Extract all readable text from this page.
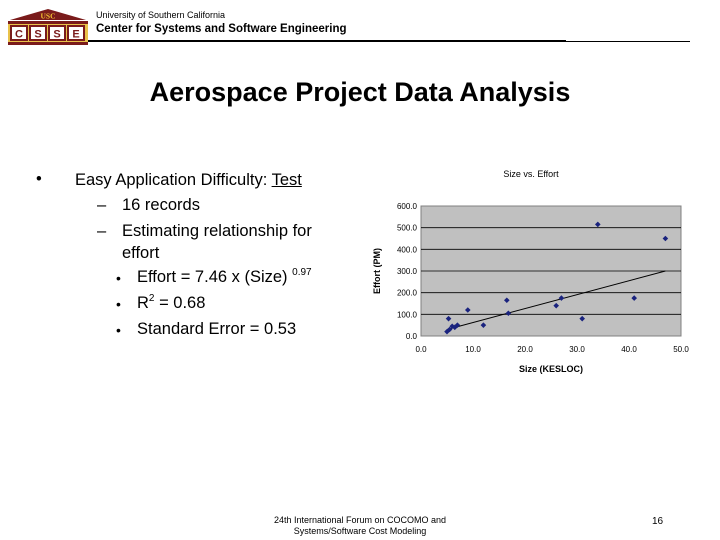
USC
C S S E
University of Southern California
Center for Systems and Software Engineering
Aerospace Project Data Analysis
• Easy Application Difficulty: Test
– 16 records
– Estimating relationship for
effort
• Effort = 7.46 x (Size) $^{0.97}$
• $R^2 = 0.68$
• Standard Error = 0.53
Size vs. Effort
0.0
100.0
200.0
300.0
400.0
500.0
600.0
0.0	10.0	20.0	30.0	40.0	50.0
Size (KESLOC)
Effort (PM)
24th International Forum on COCOMO and
Systems/Software Cost Modeling
16
